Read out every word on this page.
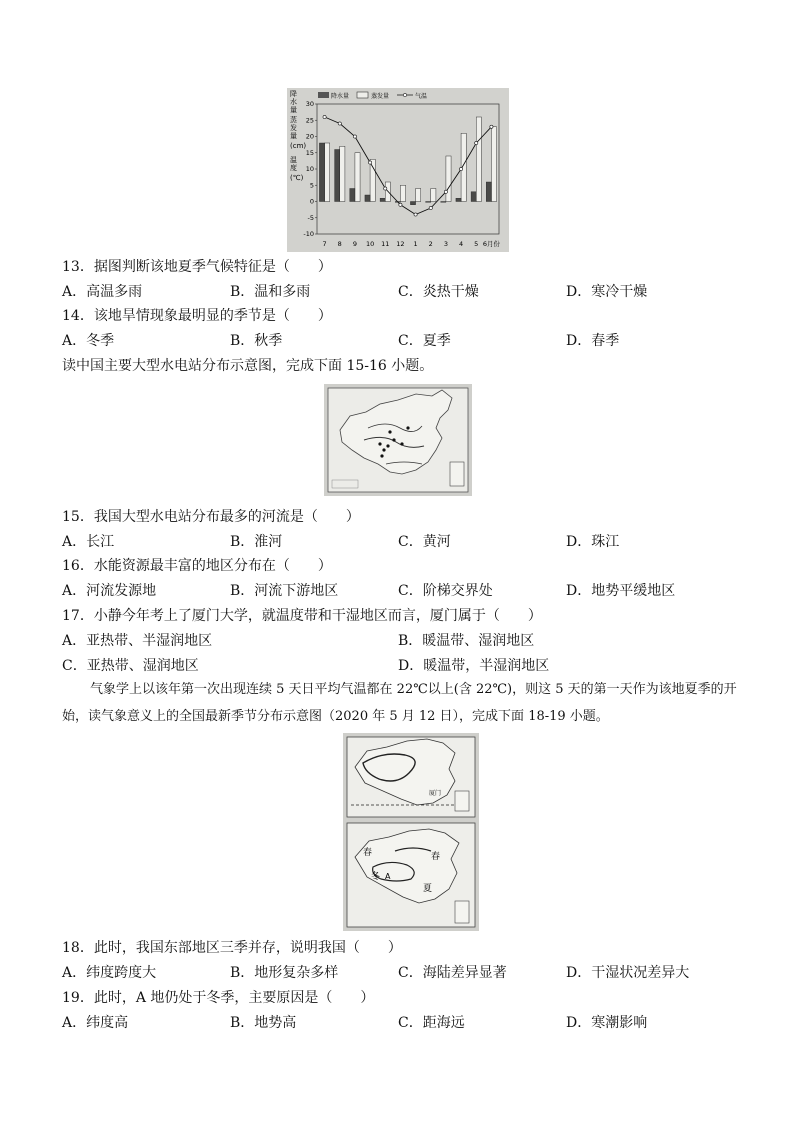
降水量	蒸发量	气温
降水量 蒸发量 (cm) 温度(℃)
30
25
20
15
10
5
0
-5
-10
7 8 9 10 11 12 1 2 3 4 5 6月份
13．据图判断该地夏季气候特征是（　　）
A．高温多雨	B．温和多雨	C．炎热干燥	D．寒冷干燥
14．该地旱情现象最明显的季节是（　　）
A．冬季	B．秋季	C．夏季	D．春季
读中国主要大型水电站分布示意图，完成下面 15-16 小题。
15．我国大型水电站分布最多的河流是（　　）
A．长江	B．淮河	C．黄河	D．珠江
16．水能资源最丰富的地区分布在（　　）
A．河流发源地	B．河流下游地区	C．阶梯交界处	D．地势平缓地区
17．小静今年考上了厦门大学，就温度带和干湿地区而言，厦门属于（　　）
A．亚热带、半湿润地区	B．暖温带、湿润地区
C．亚热带、湿润地区	D．暖温带，半湿润地区
气象学上以该年第一次出现连续 5 天日平均气温都在 22℃以上(含 22℃)，则这 5 天的第一天作为该地夏季的开始，读气象意义上的全国最新季节分布示意图（2020 年 5 月 12 日），完成下面 18-19 小题。
厦门
春	春
冬 A
夏
18．此时，我国东部地区三季并存，说明我国（　　）
A．纬度跨度大	B．地形复杂多样	C．海陆差异显著	D．干湿状况差异大
19．此时，A 地仍处于冬季，主要原因是（　　）
A．纬度高	B．地势高	C．距海远	D．寒潮影响
